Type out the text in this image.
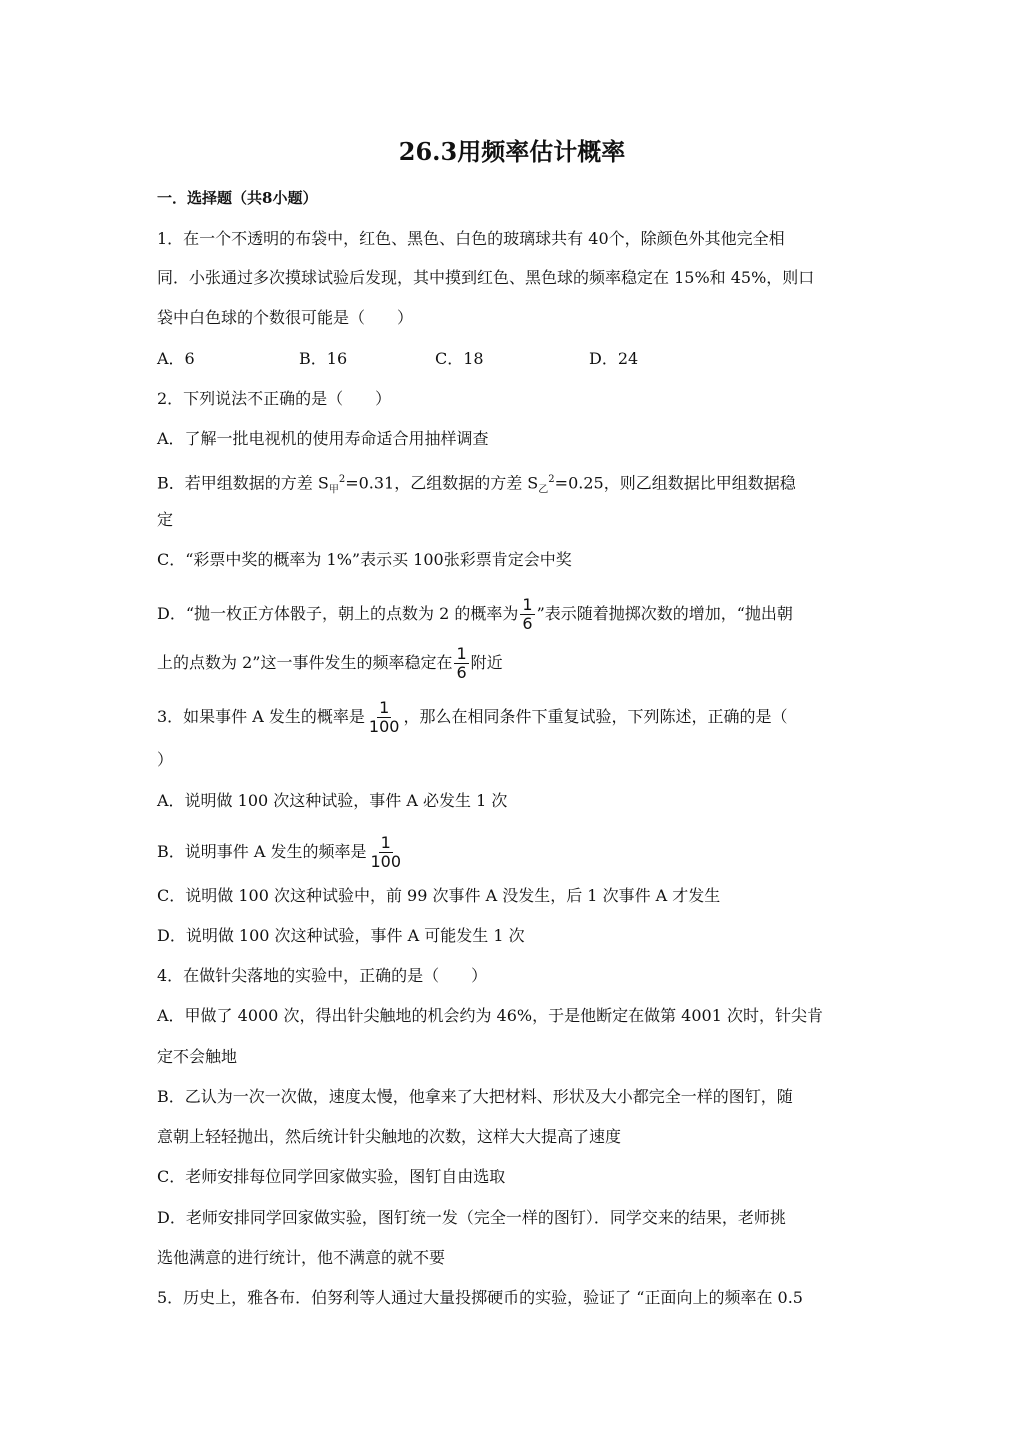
26.3用频率估计概率
一．选择题（共8小题）
1．在一个不透明的布袋中，红色、黑色、白色的玻璃球共有 40个，除颜色外其他完全相
同．小张通过多次摸球试验后发现，其中摸到红色、黑色球的频率稳定在 15%和 45%，则口
袋中白色球的个数很可能是（　　）
A．6	B．16	C．18	D．24
2．下列说法不正确的是（　　）
A．了解一批电视机的使用寿命适合用抽样调查
B．若甲组数据的方差 $S_甲^2=0.31$，乙组数据的方差 $S_乙^2=0.25$，则乙组数据比甲组数据稳
定
C．“彩票中奖的概率为 1%”表示买 100张彩票肯定会中奖
D．“抛一枚正方体骰子，朝上的点数为 2 的概率为 $\frac{1}{6}$ ”表示随着抛掷次数的增加，“抛出朝
上的点数为 2”这一事件发生的频率稳定在 $\frac{1}{6}$ 附近
3．如果事件 A 发生的概率是 $\frac{1}{100}$ ，那么在相同条件下重复试验，下列陈述，正确的是（
）
A．说明做 100 次这种试验，事件 A 必发生 1 次
B．说明事件 A 发生的频率是 $\frac{1}{100}$
C．说明做 100 次这种试验中，前 99 次事件 A 没发生，后 1 次事件 A 才发生
D．说明做 100 次这种试验，事件 A 可能发生 1 次
4．在做针尖落地的实验中，正确的是（　　）
A．甲做了 4000 次，得出针尖触地的机会约为 46%，于是他断定在做第 4001 次时，针尖肯
定不会触地
B．乙认为一次一次做，速度太慢，他拿来了大把材料、形状及大小都完全一样的图钉，随
意朝上轻轻抛出，然后统计针尖触地的次数，这样大大提高了速度
C．老师安排每位同学回家做实验，图钉自由选取
D．老师安排同学回家做实验，图钉统一发（完全一样的图钉）．同学交来的结果，老师挑
选他满意的进行统计，他不满意的就不要
5．历史上，雅各布．伯努利等人通过大量投掷硬币的实验，验证了 “正面向上的频率在 0.5
